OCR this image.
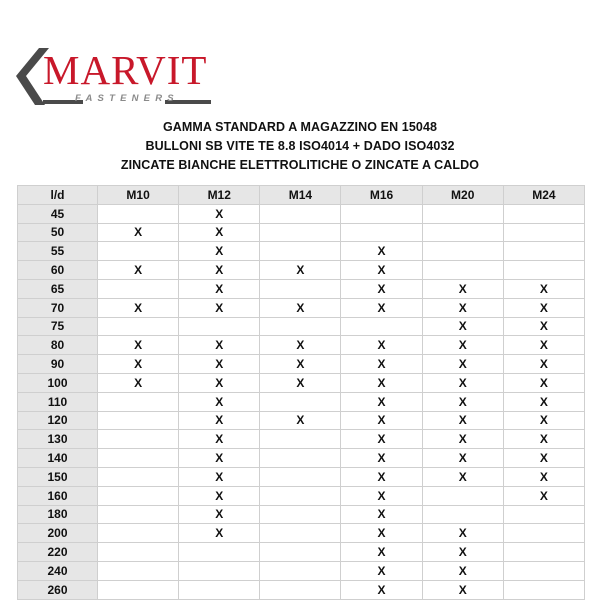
MARVIT
FASTENERS
GAMMA STANDARD A MAGAZZINO EN 15048
BULLONI SB VITE TE 8.8 ISO4014 + DADO ISO4032
ZINCATE BIANCHE ELETTROLITICHE O ZINCATE A CALDO
l/d	M10	M12	M14	M16	M20	M24
45		X				
50	X	X				
55		X		X		
60	X	X	X	X		
65		X		X	X	X
70	X	X	X	X	X	X
75					X	X
80	X	X	X	X	X	X
90	X	X	X	X	X	X
100	X	X	X	X	X	X
110		X		X	X	X
120		X	X	X	X	X
130		X		X	X	X
140		X		X	X	X
150		X		X	X	X
160		X		X		X
180		X		X		
200		X		X	X	
220				X	X	
240				X	X	
260				X	X	
